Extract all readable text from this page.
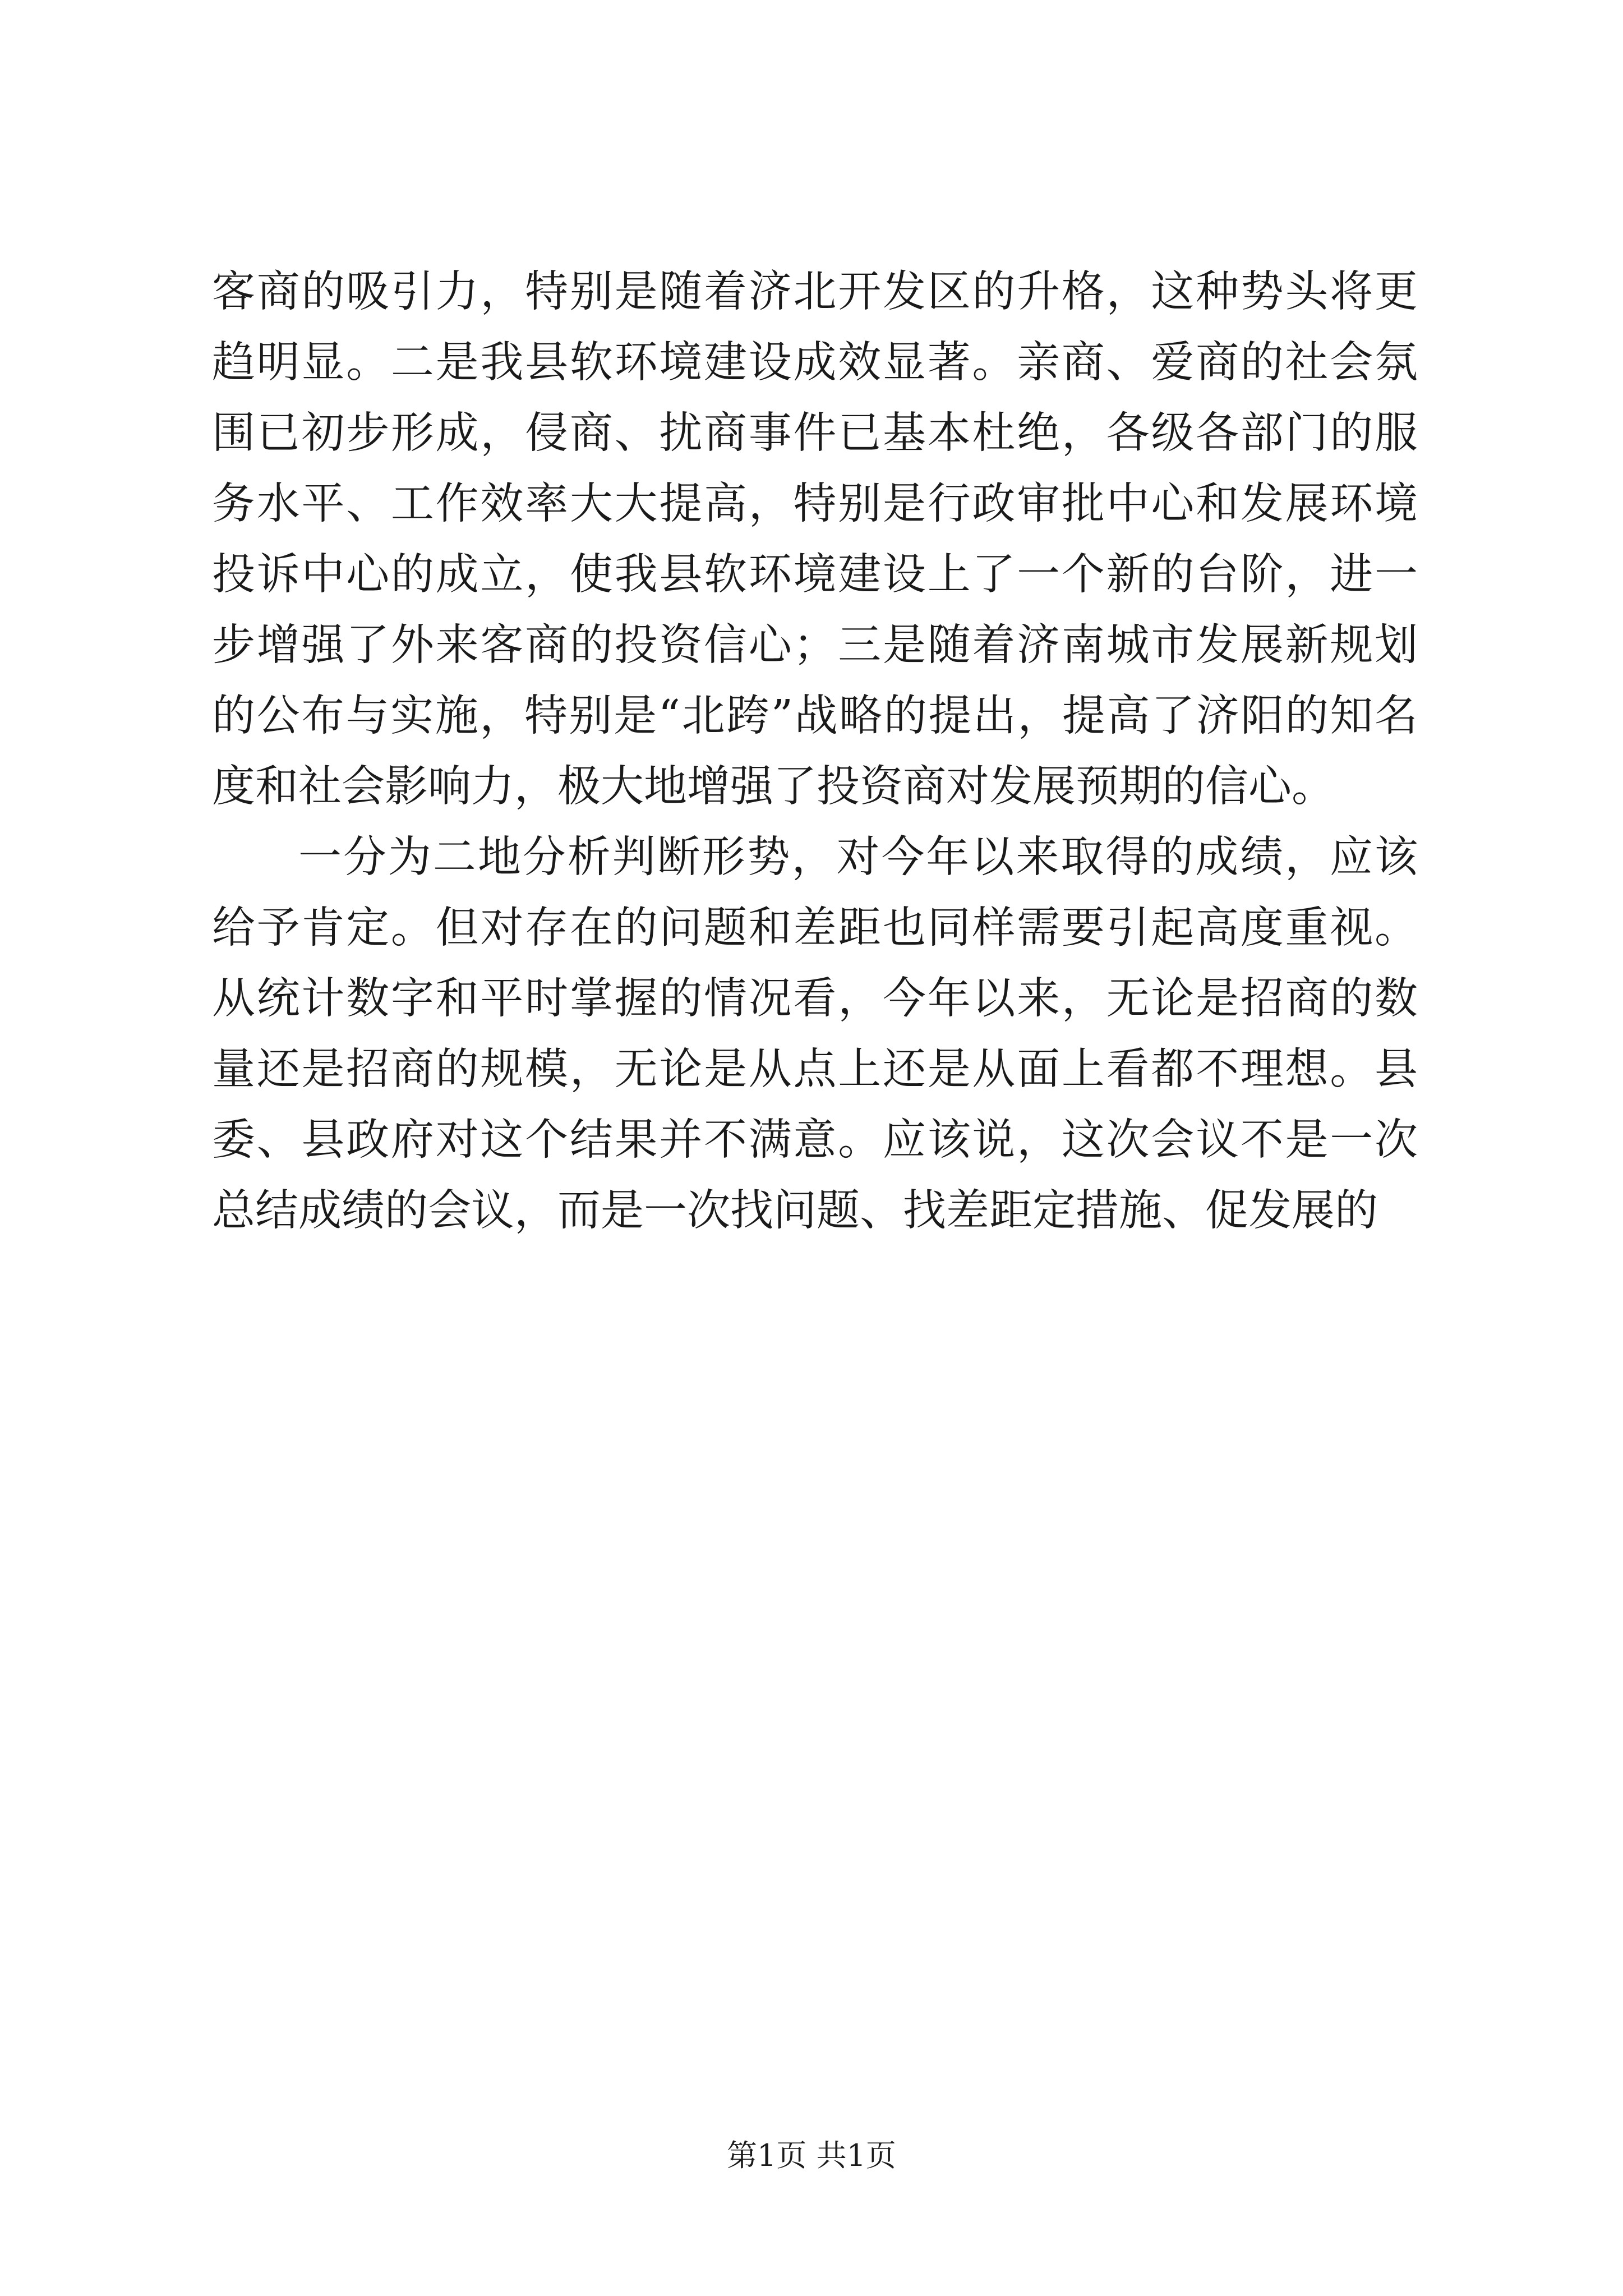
客商的吸引力，特别是随着济北开发区的升格，这种势头将更趋明显。二是我县软环境建设成效显著。亲商、爱商的社会氛围已初步形成，侵商、扰商事件已基本杜绝，各级各部门的服务水平、工作效率大大提高，特别是行政审批中心和发展环境投诉中心的成立，使我县软环境建设上了一个新的台阶，进一步增强了外来客商的投资信心；三是随着济南城市发展新规划的公布与实施，特别是“北跨”战略的提出，提高了济阳的知名度和社会影响力，极大地增强了投资商对发展预期的信心。

一分为二地分析判断形势，对今年以来取得的成绩，应该给予肯定。但对存在的问题和差距也同样需要引起高度重视。从统计数字和平时掌握的情况看，今年以来，无论是招商的数量还是招商的规模，无论是从点上还是从面上看都不理想。县委、县政府对这个结果并不满意。应该说，这次会议不是一次总结成绩的会议，而是一次找问题、找差距定措施、促发展的

第1页 共1页
